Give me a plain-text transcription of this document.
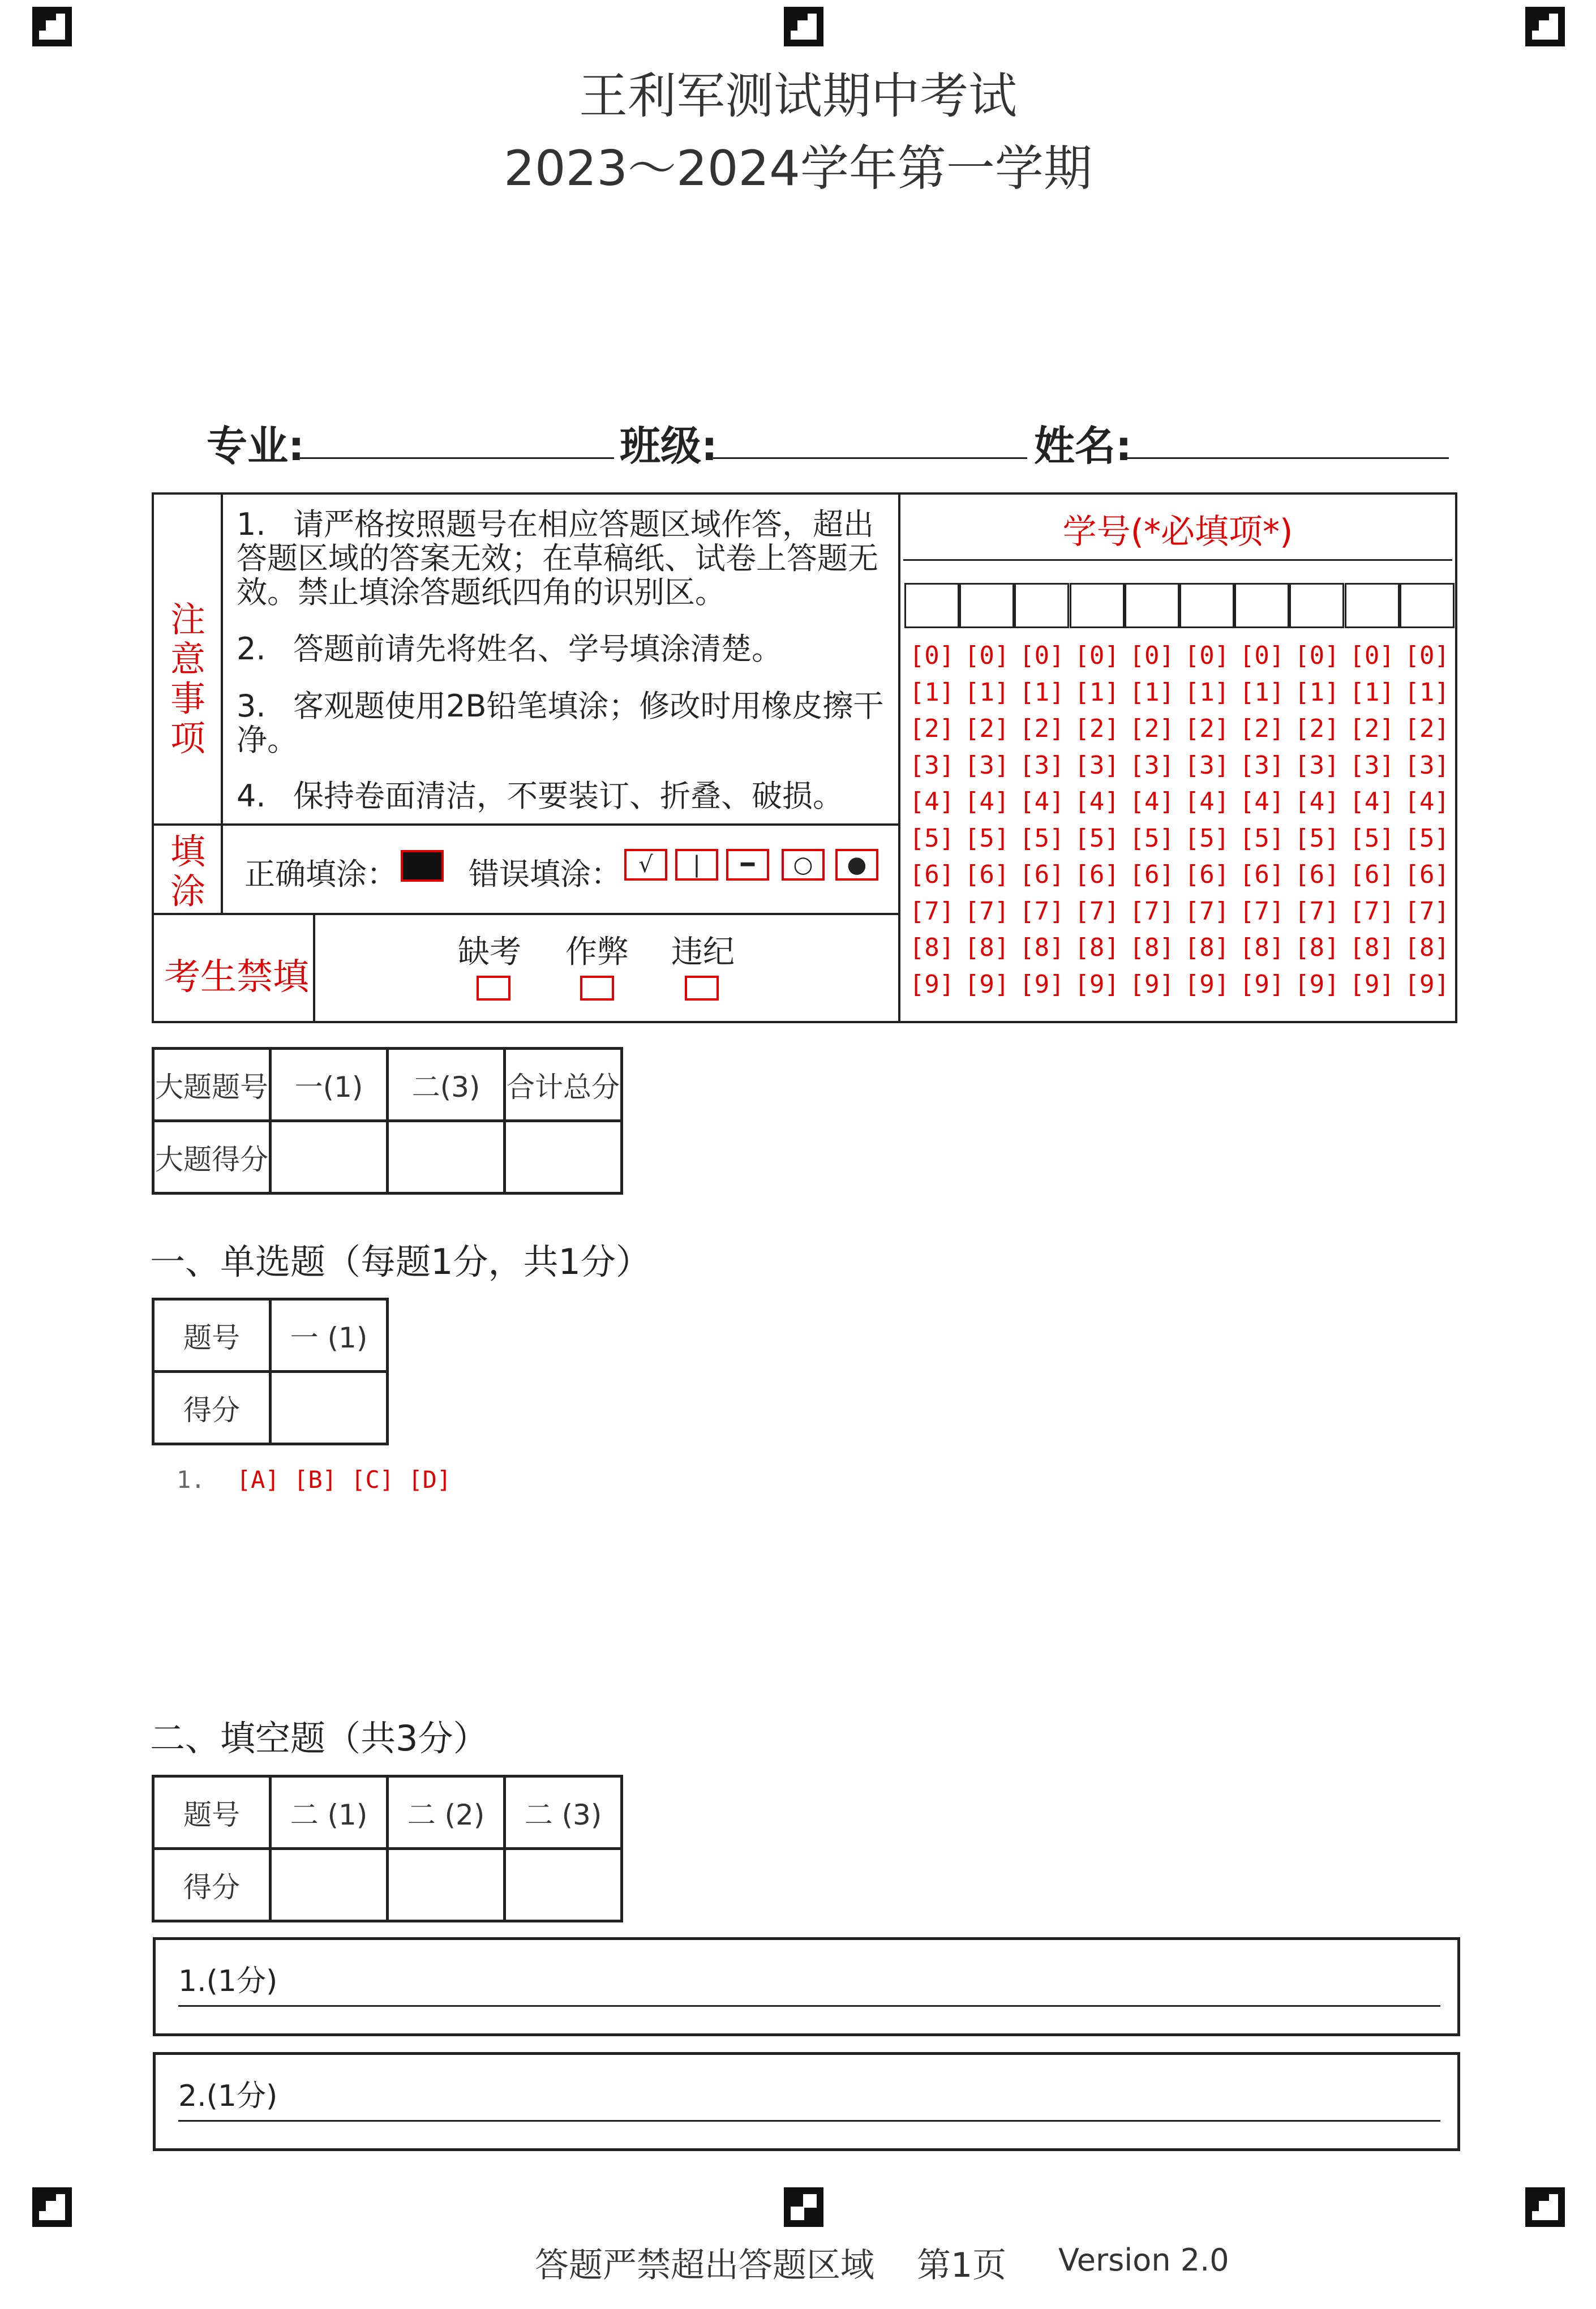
王利军测试期中考试
2023～2024学年第一学期
专业:	班级:	姓名:
注
意
事
项
1. 请严格按照题号在相应答题区域作答，超出答题区域的答案无效；在草稿纸、试卷上答题无效。禁止填涂答题纸四角的识别区。
2. 答题前请先将姓名、学号填涂清楚。
3. 客观题使用2B铅笔填涂；修改时用橡皮擦干净。
4. 保持卷面清洁，不要装订、折叠、破损。
填
涂	正确填涂： 错误填涂： √	|	━	○	●
考生禁填
缺考 作弊 违纪
学号(*必填项*)
[0] [0] [0] [0] [0] [0] [0] [0] [0] [0]
[1] [1] [1] [1] [1] [1] [1] [1] [1] [1]
[2] [2] [2] [2] [2] [2] [2] [2] [2] [2]
[3] [3] [3] [3] [3] [3] [3] [3] [3] [3]
[4] [4] [4] [4] [4] [4] [4] [4] [4] [4]
[5] [5] [5] [5] [5] [5] [5] [5] [5] [5]
[6] [6] [6] [6] [6] [6] [6] [6] [6] [6]
[7] [7] [7] [7] [7] [7] [7] [7] [7] [7]
[8] [8] [8] [8] [8] [8] [8] [8] [8] [8]
[9] [9] [9] [9] [9] [9] [9] [9] [9] [9]
大题题号	一(1)	二(3)	合计总分
大题得分			
一、单选题（每题1分，共1分）
题号	一 (1)
得分	
1. [A] [B] [C] [D]
二、填空题（共3分）
题号	二 (1)	二 (2)	二 (3)
得分			
1.(1分)
2.(1分)
答题严禁超出答题区域 第1页 Version 2.0
